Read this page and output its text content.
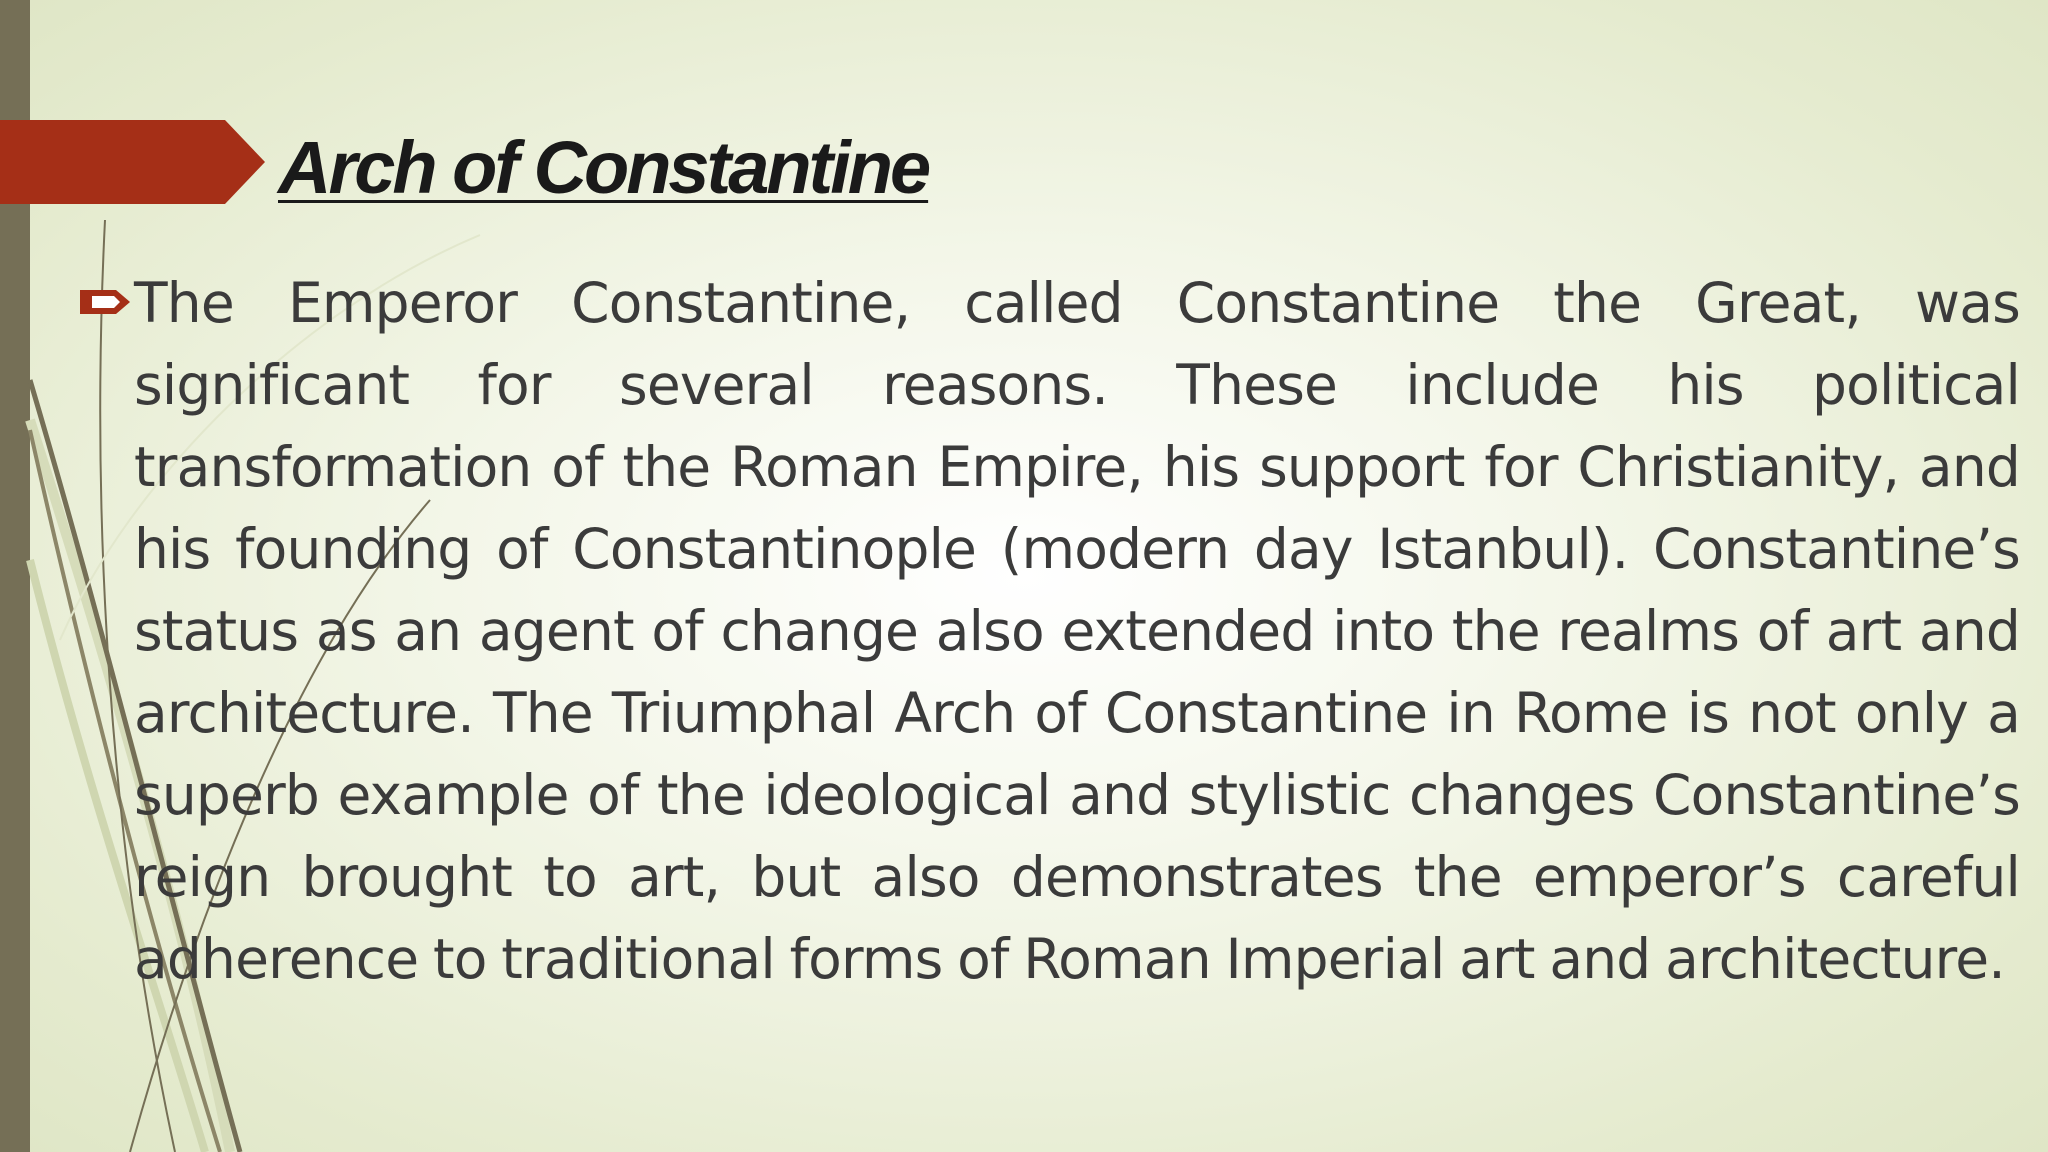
Arch of Constantine

The Emperor Constantine, called Constantine the Great, was significant for several reasons. These include his political transformation of the Roman Empire, his support for Christianity, and his founding of Constantinople (modern day Istanbul). Constantine’s status as an agent of change also extended into the realms of art and architecture. The Triumphal Arch of Constantine in Rome is not only a superb example of the ideological and stylistic changes Constantine’s reign brought to art, but also demonstrates the emperor’s careful adherence to traditional forms of Roman Imperial art and architecture.
